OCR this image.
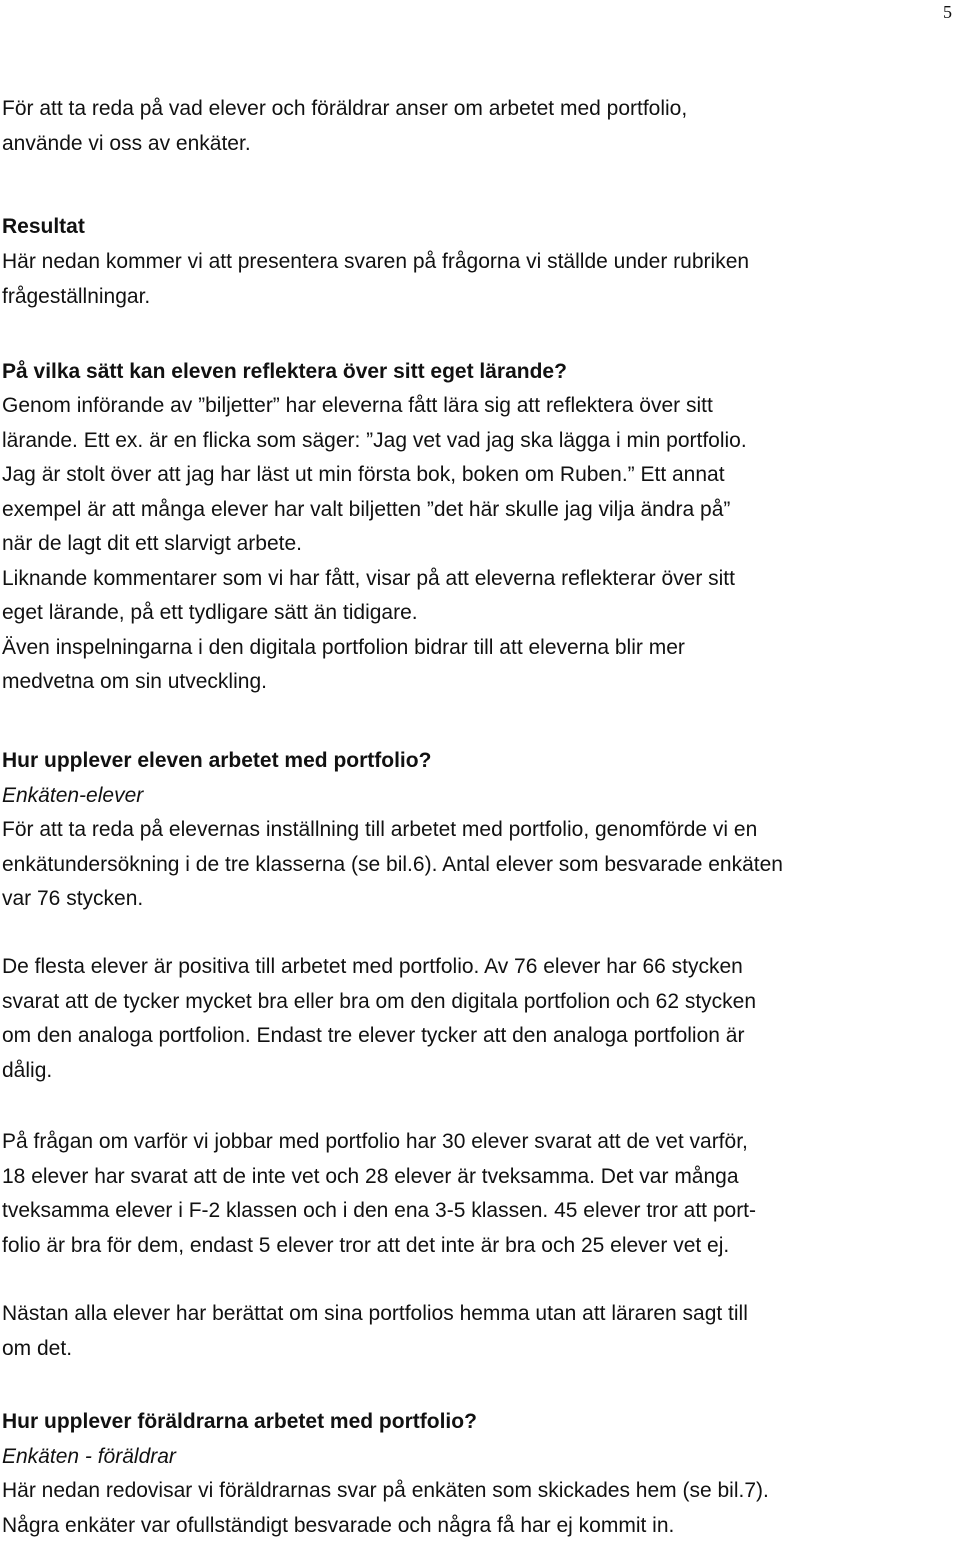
5

För att ta reda på vad elever och föräldrar anser om arbetet med portfolio,
använde vi oss av enkäter.

Resultat

Här nedan kommer vi att presentera svaren på frågorna vi ställde under rubriken
frågeställningar.

På vilka sätt kan eleven reflektera över sitt eget lärande?

Genom införande av ”biljetter” har eleverna fått lära sig att reflektera över sitt
lärande. Ett ex. är en flicka som säger: ”Jag vet vad jag ska lägga i min portfolio.
Jag är stolt över att jag har läst ut min första bok, boken om Ruben.” Ett annat
exempel är att många elever har valt biljetten ”det här skulle jag vilja ändra på”
när de lagt dit ett slarvigt arbete.
Liknande kommentarer som vi har fått, visar på att eleverna reflekterar över sitt
eget lärande, på ett tydligare sätt än tidigare.
Även inspelningarna i den digitala portfolion bidrar till att eleverna blir mer
medvetna om sin utveckling.

Hur upplever eleven arbetet med portfolio?
Enkäten-elever

För att ta reda på elevernas inställning till arbetet med portfolio, genomförde vi en
enkätundersökning i de tre klasserna (se bil.6). Antal elever som besvarade enkäten
var 76 stycken.

De flesta elever är positiva till arbetet med portfolio. Av 76 elever har 66 stycken
svarat att de tycker mycket bra eller bra om den digitala portfolion och 62 stycken
om den analoga portfolion. Endast tre elever tycker att den analoga portfolion är
dålig.

På frågan om varför vi jobbar med portfolio har 30 elever svarat att de vet varför,
18 elever har svarat att de inte vet och 28 elever är tveksamma. Det var många
tveksamma elever i F-2 klassen och i den ena 3-5 klassen. 45 elever tror att port-
folio är bra för dem, endast 5 elever tror att det inte är bra och 25 elever vet ej.

Nästan alla elever har berättat om sina portfolios hemma utan att läraren sagt till
om det.

Hur upplever föräldrarna arbetet med portfolio?
Enkäten - föräldrar

Här nedan redovisar vi föräldrarnas svar på enkäten som skickades hem (se bil.7).
Några enkäter var ofullständigt besvarade och några få har ej kommit in.
